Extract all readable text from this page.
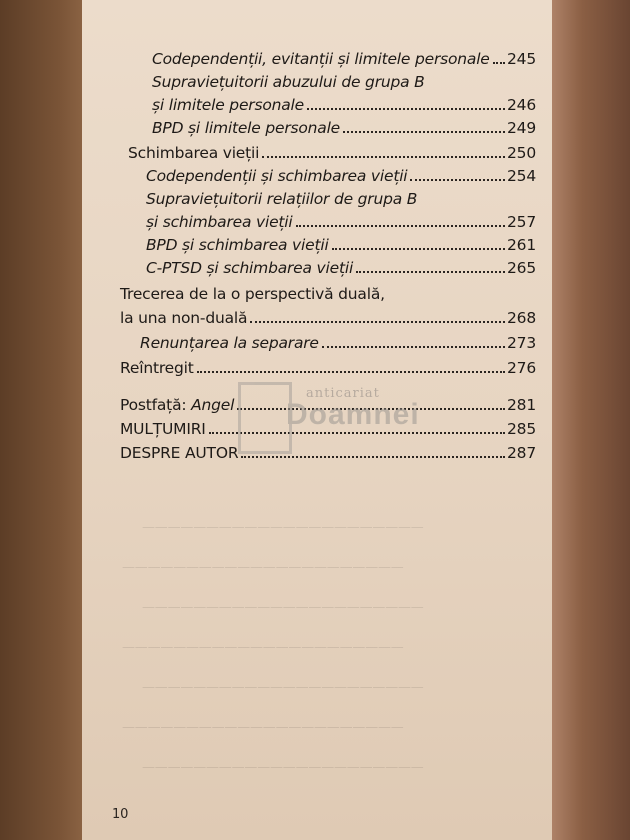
——————————————————————
——————————————————————
——————————————————————
——————————————————————
——————————————————————
——————————————————————
——————————————————————
Codependenții, evitanții și limitele personale 245
Supraviețuitorii abuzului de grupa B
și limitele personale	246
BPD și limitele personale	249
Schimbarea vieții	250
Codependenții și schimbarea vieții	254
Supraviețuitorii relațiilor de grupa B
și schimbarea vieții	257
BPD și schimbarea vieții	261
C-PTSD și schimbarea vieții	265
Trecerea de la o perspectivă duală,
la una non-duală	268
Renunțarea la separare	273
Reîntregit	276
Postfață: Angel	281
MULȚUMIRI	285
DESPRE AUTOR	287
anticariat
Doamnei
10
